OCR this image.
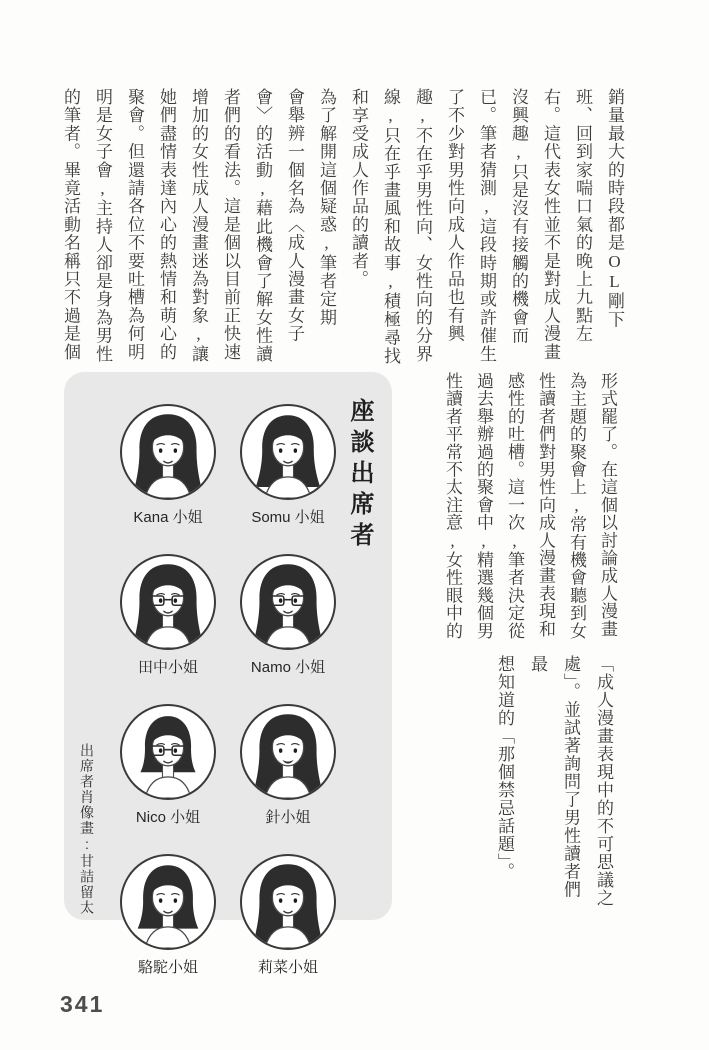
銷量最大的時段都是OL剛下
班、回到家喘口氣的晚上九點左
右。這代表女性並不是對成人漫畫
沒興趣,只是沒有接觸的機會而
已。筆者猜測,這段時期或許催生
了不少對男性向成人作品也有興
趣,不在乎男性向、女性向的分界
線,只在乎畫風和故事,積極尋找
和享受成人作品的讀者。
為了解開這個疑惑,筆者定期
會舉辨一個名為〈成人漫畫女子
會〉的活動,藉此機會了解女性讀
者們的看法。這是個以目前正快速
增加的女性成人漫畫迷為對象,讓
她們盡情表達內心的熱情和萌心的
聚會。但還請各位不要吐槽為何明
明是女子會,主持人卻是身為男性
的筆者。畢竟活動名稱只不過是個
形式罷了。在這個以討論成人漫畫
為主題的聚會上,常有機會聽到女
性讀者們對男性向成人漫畫表現和
感性的吐槽。這一次,筆者決定從
過去舉辦過的聚會中,精選幾個男
性讀者平常不太注意,女性眼中的
「成人漫畫表現中的不可思議之
處」。並試著詢問了男性讀者們最
想知道的「那個禁忌話題」。
座談出席者
Kana 小姐	Somu 小姐
田中小姐	Namo 小姐
Nico 小姐	針小姐
駱駝小姐	莉菜小姐
出席者肖像畫:甘詰留太
341
